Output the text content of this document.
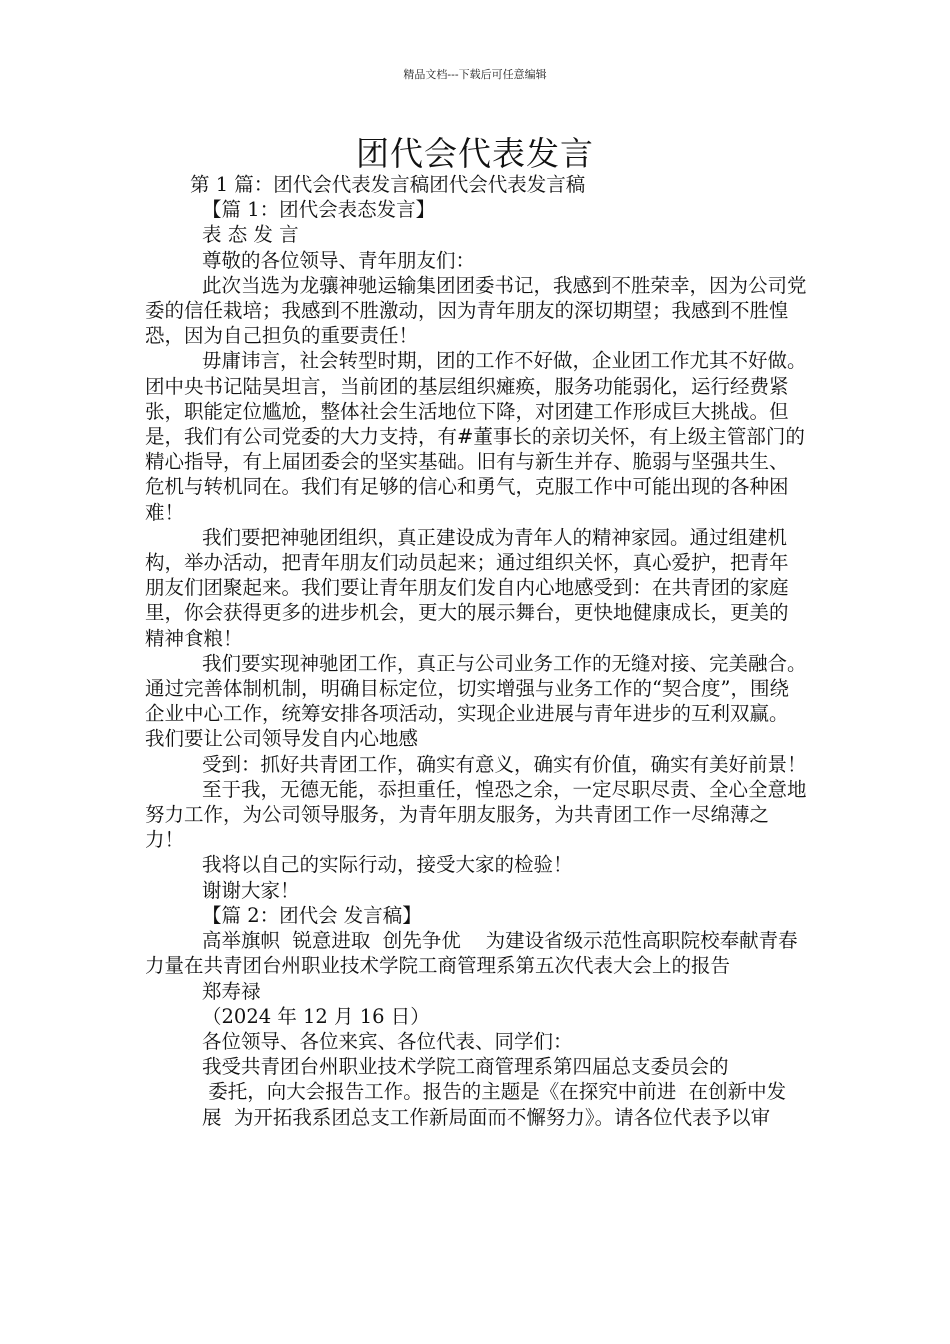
精品文档---下载后可任意编辑
团代会代表发言

第 1 篇：团代会代表发言稿团代会代表发言稿

【篇 1：团代会表态发言】

表 态 发 言

尊敬的各位领导、青年朋友们：

此次当选为龙骧神驰运输集团团委书记，我感到不胜荣幸，因为公司党委的信任栽培；我感到不胜激动，因为青年朋友的深切期望；我感到不胜惶恐，因为自己担负的重要责任！

毋庸讳言，社会转型时期，团的工作不好做，企业团工作尤其不好做。团中央书记陆昊坦言，当前团的基层组织瘫痪，服务功能弱化，运行经费紧张，职能定位尴尬，整体社会生活地位下降，对团建工作形成巨大挑战。但是，我们有公司党委的大力支持，有#董事长的亲切关怀，有上级主管部门的精心指导，有上届团委会的坚实基础。旧有与新生并存、脆弱与坚强共生、危机与转机同在。我们有足够的信心和勇气，克服工作中可能出现的各种困难！

我们要把神驰团组织，真正建设成为青年人的精神家园。通过组建机构，举办活动，把青年朋友们动员起来；通过组织关怀，真心爱护，把青年朋友们团聚起来。我们要让青年朋友们发自内心地感受到：在共青团的家庭里，你会获得更多的进步机会，更大的展示舞台，更快地健康成长，更美的精神食粮！

我们要实现神驰团工作，真正与公司业务工作的无缝对接、完美融合。通过完善体制机制，明确目标定位，切实增强与业务工作的“契合度”，围绕企业中心工作，统筹安排各项活动，实现企业进展与青年进步的互利双赢。我们要让公司领导发自内心地感

受到：抓好共青团工作，确实有意义，确实有价值，确实有美好前景！

至于我，无德无能，忝担重任，惶恐之余，一定尽职尽责、全心全意地努力工作，为公司领导服务，为青年朋友服务，为共青团工作一尽绵薄之力！

我将以自己的实际行动，接受大家的检验！

谢谢大家！

【篇 2：团代会 发言稿】

高举旗帜  锐意进取  创先争优    为建设省级示范性高职院校奉献青春力量在共青团台州职业技术学院工商管理系第五次代表大会上的报告

郑寿禄

（2024 年 12 月 16 日）

各位领导、各位来宾、各位代表、同学们：

我受共青团台州职业技术学院工商管理系第四届总支委员会的

委托，向大会报告工作。报告的主题是《在探究中前进  在创新中发

展  为开拓我系团总支工作新局面而不懈努力》。请各位代表予以审
